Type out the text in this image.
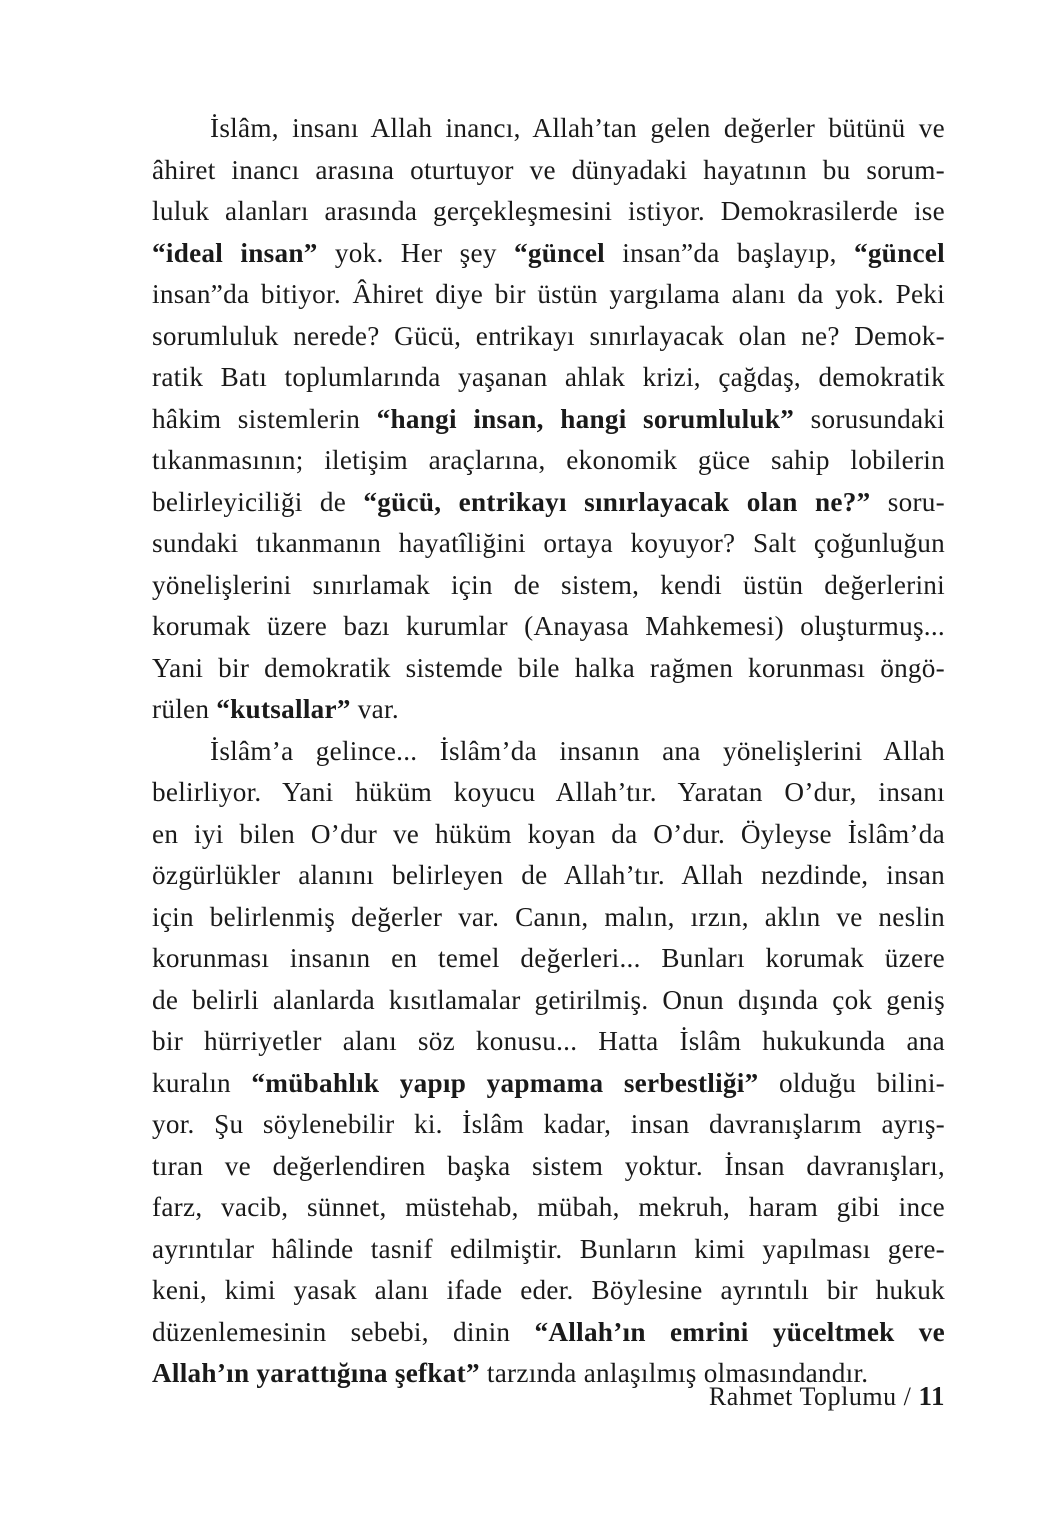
İslâm, insanı Allah inancı, Allah’tan gelen değerler bütünü ve
âhiret inancı arasına oturtuyor ve dünyadaki hayatının bu sorum-
luluk alanları arasında gerçekleşmesini istiyor. Demokrasilerde ise
“ideal insan” yok. Her şey “güncel insan”da başlayıp, “güncel
insan”da bitiyor. Âhiret diye bir üstün yargılama alanı da yok. Peki
sorumluluk nerede? Gücü, entrikayı sınırlayacak olan ne? Demok-
ratik Batı toplumlarında yaşanan ahlak krizi, çağdaş, demokratik
hâkim sistemlerin “hangi insan, hangi sorumluluk” sorusundaki
tıkanmasının; iletişim araçlarına, ekonomik güce sahip lobilerin
belirleyiciliği de “gücü, entrikayı sınırlayacak olan ne?” soru-
sundaki tıkanmanın hayatîliğini ortaya koyuyor? Salt çoğunluğun
yönelişlerini sınırlamak için de sistem, kendi üstün değerlerini
korumak üzere bazı kurumlar (Anayasa Mahkemesi) oluşturmuş...
Yani bir demokratik sistemde bile halka rağmen korunması öngö-
rülen “kutsallar” var.
İslâm’a gelince... İslâm’da insanın ana yönelişlerini Allah
belirliyor. Yani hüküm koyucu Allah’tır. Yaratan O’dur, insanı
en iyi bilen O’dur ve hüküm koyan da O’dur. Öyleyse İslâm’da
özgürlükler alanını belirleyen de Allah’tır. Allah nezdinde, insan
için belirlenmiş değerler var. Canın, malın, ırzın, aklın ve neslin
korunması insanın en temel değerleri... Bunları korumak üzere
de belirli alanlarda kısıtlamalar getirilmiş. Onun dışında çok geniş
bir hürriyetler alanı söz konusu... Hatta İslâm hukukunda ana
kuralın “mübahlık yapıp yapmama serbestliği” olduğu bilini-
yor. Şu söylenebilir ki. İslâm kadar, insan davranışlarım ayrış-
tıran ve değerlendiren başka sistem yoktur. İnsan davranışları,
farz, vacib, sünnet, müstehab, mübah, mekruh, haram gibi ince
ayrıntılar hâlinde tasnif edilmiştir. Bunların kimi yapılması gere-
keni, kimi yasak alanı ifade eder. Böylesine ayrıntılı bir hukuk
düzenlemesinin sebebi, dinin “Allah’ın emrini yüceltmek ve
Allah’ın yarattığına şefkat” tarzında anlaşılmış olmasındandır.
Rahmet Toplumu / 11
